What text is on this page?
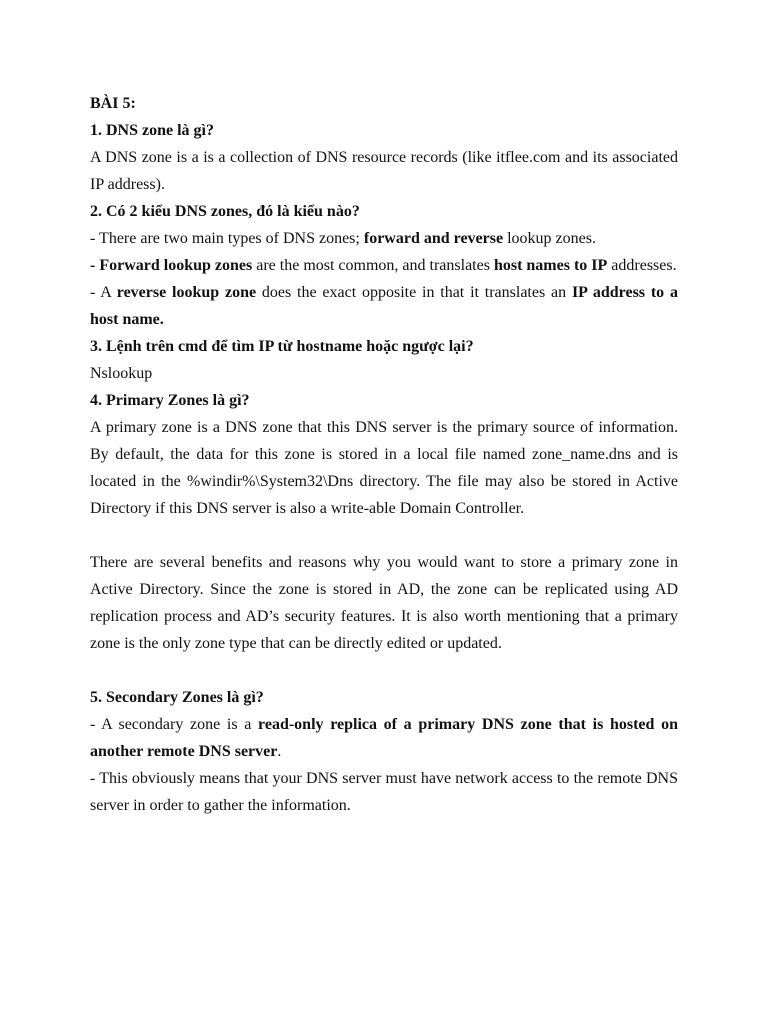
BÀI 5:

1. DNS zone là gì?

A DNS zone is a is a collection of DNS resource records (like itflee.com and its associated IP address).

2. Có 2 kiểu DNS zones, đó là kiểu nào?

- There are two main types of DNS zones; forward and reverse lookup zones.

- Forward lookup zones are the most common, and translates host names to IP addresses.

- A reverse lookup zone does the exact opposite in that it translates an IP address to a host name.

3. Lệnh trên cmd để tìm IP từ hostname hoặc ngược lại?

Nslookup

4. Primary Zones là gì?

A primary zone is a DNS zone that this DNS server is the primary source of information. By default, the data for this zone is stored in a local file named zone_name.dns and is located in the %windir%\System32\Dns directory. The file may also be stored in Active Directory if this DNS server is also a write-able Domain Controller.

There are several benefits and reasons why you would want to store a primary zone in Active Directory. Since the zone is stored in AD, the zone can be replicated using AD replication process and AD’s security features. It is also worth mentioning that a primary zone is the only zone type that can be directly edited or updated.

5. Secondary Zones là gì?

- A secondary zone is a read-only replica of a primary DNS zone that is hosted on another remote DNS server.

- This obviously means that your DNS server must have network access to the remote DNS server in order to gather the information.
